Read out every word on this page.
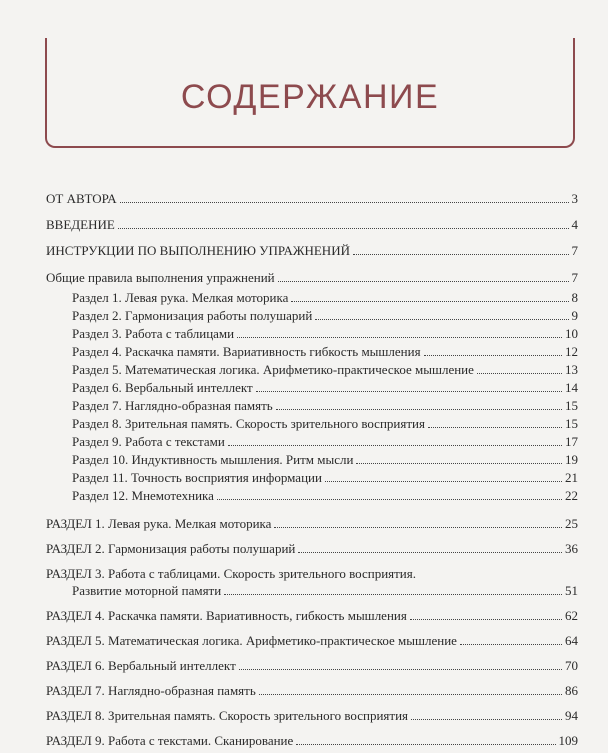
СОДЕРЖАНИЕ
ОТ АВТОРА	3
ВВЕДЕНИЕ	4
ИНСТРУКЦИИ ПО ВЫПОЛНЕНИЮ УПРАЖНЕНИЙ	7
Общие правила выполнения упражнений	7
Раздел 1. Левая рука. Мелкая моторика	8
Раздел 2. Гармонизация работы полушарий	9
Раздел 3. Работа с таблицами	10
Раздел 4. Раскачка памяти. Вариативность гибкость мышления	12
Раздел 5. Математическая логика. Арифметико-практическое мышление	13
Раздел 6. Вербальный интеллект	14
Раздел 7. Наглядно-образная память	15
Раздел 8. Зрительная память. Скорость зрительного восприятия	15
Раздел 9. Работа с текстами	17
Раздел 10. Индуктивность мышления. Ритм мысли	19
Раздел 11. Точность восприятия информации	21
Раздел 12. Мнемотехника	22
РАЗДЕЛ 1. Левая рука. Мелкая моторика	25
РАЗДЕЛ 2. Гармонизация работы полушарий	36
РАЗДЕЛ 3. Работа с таблицами. Скорость зрительного восприятия.
Развитие моторной памяти	51
РАЗДЕЛ 4. Раскачка памяти. Вариативность, гибкость мышления	62
РАЗДЕЛ 5. Математическая логика. Арифметико-практическое мышление	64
РАЗДЕЛ 6. Вербальный интеллект	70
РАЗДЕЛ 7. Наглядно-образная память	86
РАЗДЕЛ 8. Зрительная память. Скорость зрительного восприятия	94
РАЗДЕЛ 9. Работа с текстами. Сканирование	109
